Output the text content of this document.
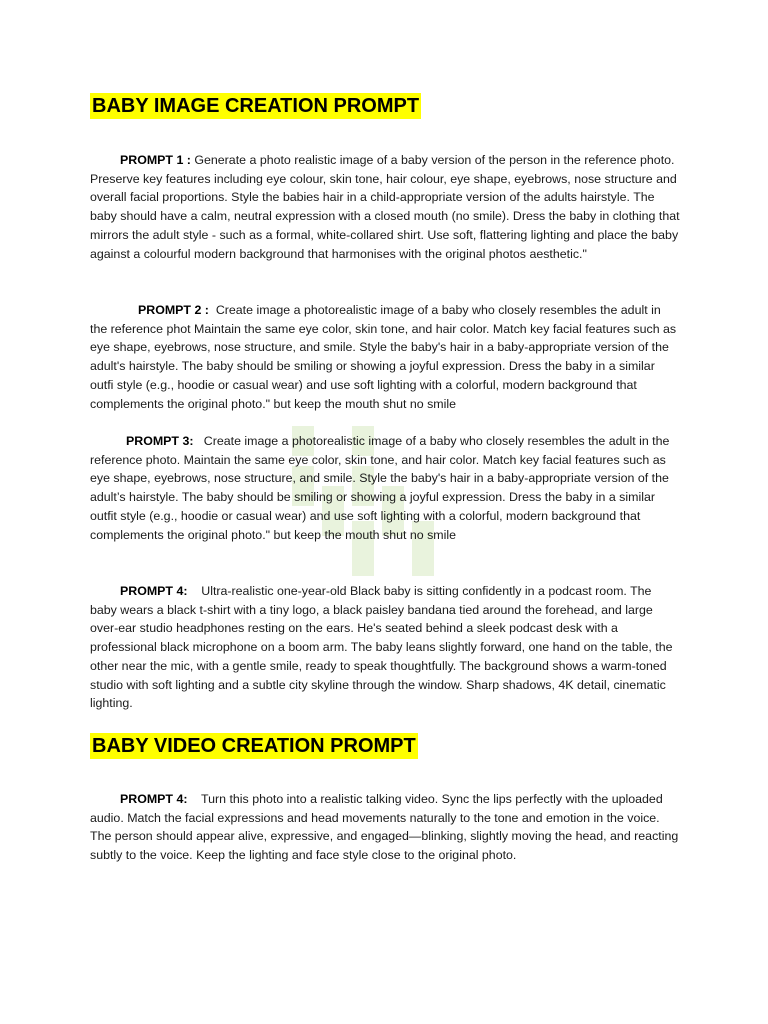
BABY IMAGE CREATION PROMPT

PROMPT 1 : Generate a photo realistic image of a baby version of the person in the reference photo. Preserve key features including eye colour, skin tone, hair colour, eye shape, eyebrows, nose structure and overall facial proportions. Style the babies hair in a child-appropriate version of the adults hairstyle. The baby should have a calm, neutral expression with a closed mouth (no smile). Dress the baby in clothing that mirrors the adult style - such as a formal, white-collared shirt. Use soft, flattering lighting and place the baby against a colourful modern background that harmonises with the original photos aesthetic."

PROMPT 2 : Create image a photorealistic image of a baby who closely resembles the adult in the reference phot Maintain the same eye color, skin tone, and hair color. Match key facial features such as eye shape, eyebrows, nose structure, and smile. Style the baby's hair in a baby-appropriate version of the adult's hairstyle. The baby should be smiling or showing a joyful expression. Dress the baby in a similar outfi style (e.g., hoodie or casual wear) and use soft lighting with a colorful, modern background that complements the original photo." but keep the mouth shut no smile

PROMPT 3: Create image a photorealistic image of a baby who closely resembles the adult in the reference photo. Maintain the same eye color, skin tone, and hair color. Match key facial features such as eye shape, eyebrows, nose structure, and smile. Style the baby's hair in a baby-appropriate version of the adult’s hairstyle. The baby should be smiling or showing a joyful expression. Dress the baby in a similar outfit style (e.g., hoodie or casual wear) and use soft lighting with a colorful, modern background that complements the original photo." but keep the mouth shut no smile

PROMPT 4: Ultra-realistic one-year-old Black baby is sitting confidently in a podcast room. The baby wears a black t-shirt with a tiny logo, a black paisley bandana tied around the forehead, and large over-ear studio headphones resting on the ears. He's seated behind a sleek podcast desk with a professional black microphone on a boom arm. The baby leans slightly forward, one hand on the table, the other near the mic, with a gentle smile, ready to speak thoughtfully. The background shows a warm-toned studio with soft lighting and a subtle city skyline through the window. Sharp shadows, 4K detail, cinematic lighting.

BABY VIDEO CREATION PROMPT

PROMPT 4: Turn this photo into a realistic talking video. Sync the lips perfectly with the uploaded audio. Match the facial expressions and head movements naturally to the tone and emotion in the voice. The person should appear alive, expressive, and engaged—blinking, slightly moving the head, and reacting subtly to the voice. Keep the lighting and face style close to the original photo.
